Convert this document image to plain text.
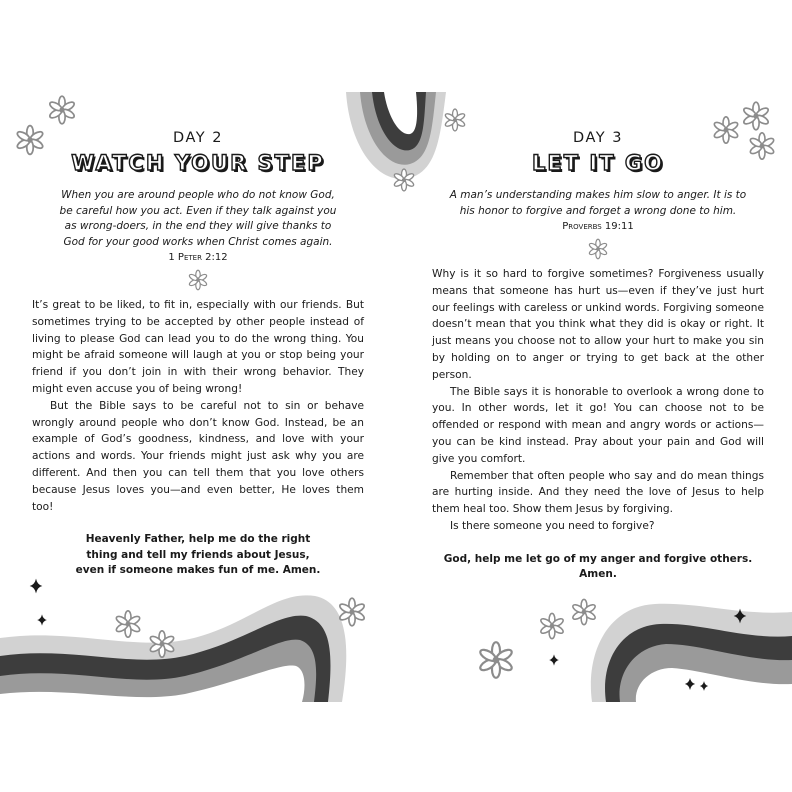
DAY 2

WATCH YOUR STEP

When you are around people who do not know God,

be careful how you act. Even if they talk against you

as wrong-doers, in the end they will give thanks to

God for your good works when Christ comes again.

1 Peter 2:12

It’s great to be liked, to fit in, especially with our friends. But sometimes trying to be accepted by other people instead of living to please God can lead you to do the wrong thing. You might be afraid someone will laugh at you or stop being your friend if you don’t join in with their wrong behavior. They might even accuse you of being wrong!

But the Bible says to be careful not to sin or behave wrongly around people who don’t know God. Instead, be an example of God’s goodness, kindness, and love with your actions and words. Your friends might just ask why you are different. And then you can tell them that you love others because Jesus loves you—and even better, He loves them too!

Heavenly Father, help me do the right

thing and tell my friends about Jesus,

even if someone makes fun of me. Amen.

DAY 3

LET IT GO

A man’s understanding makes him slow to anger. It is to

his honor to forgive and forget a wrong done to him.

Proverbs 19:11

Why is it so hard to forgive sometimes? Forgiveness usually means that someone has hurt us—even if they’ve just hurt our feelings with careless or unkind words. Forgiving someone doesn’t mean that you think what they did is okay or right. It just means you choose not to allow your hurt to make you sin by holding on to anger or trying to get back at the other person.

The Bible says it is honorable to overlook a wrong done to you. In other words, let it go! You can choose not to be offended or respond with mean and angry words or actions—you can be kind instead. Pray about your pain and God will give you comfort.

Remember that often people who say and do mean things are hurting inside. And they need the love of Jesus to help them heal too. Show them Jesus by forgiving.

Is there someone you need to forgive?

God, help me let go of my anger and forgive others. Amen.
